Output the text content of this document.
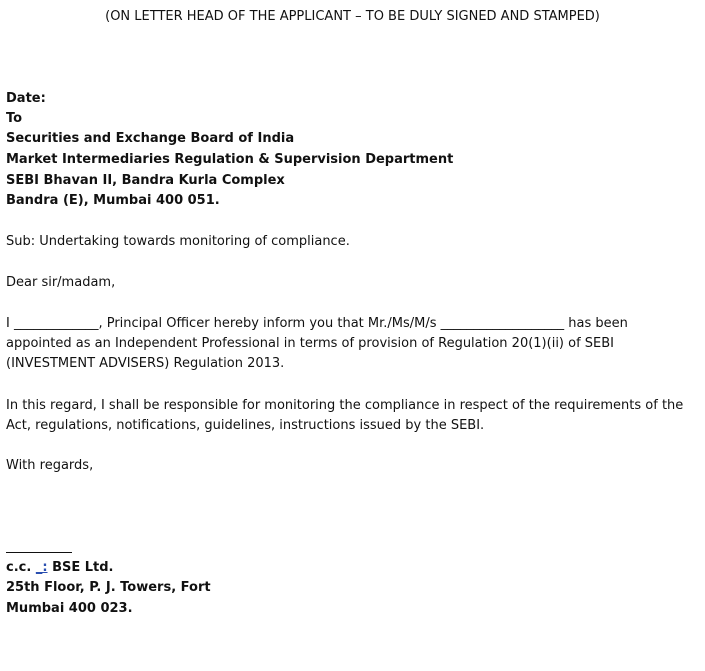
(ON LETTER HEAD OF THE APPLICANT – TO BE DULY SIGNED AND STAMPED)
Date:
To
Securities and Exchange Board of India
Market Intermediaries Regulation & Supervision Department
SEBI Bhavan II, Bandra Kurla Complex
Bandra (E), Mumbai 400 051.
Sub: Undertaking towards monitoring of compliance.
Dear sir/madam,
I _____________, Principal Officer hereby inform you that Mr./Ms/M/s ___________________ has been appointed as an Independent Professional in terms of provision of Regulation 20(1)(ii) of SEBI (INVESTMENT ADVISERS) Regulation 2013.
In this regard, I shall be responsible for monitoring the compliance in respect of the requirements of the Act, regulations, notifications, guidelines, instructions issued by the SEBI.
With regards,
c.c. _: BSE Ltd.
25th Floor, P. J. Towers, Fort
Mumbai 400 023.
